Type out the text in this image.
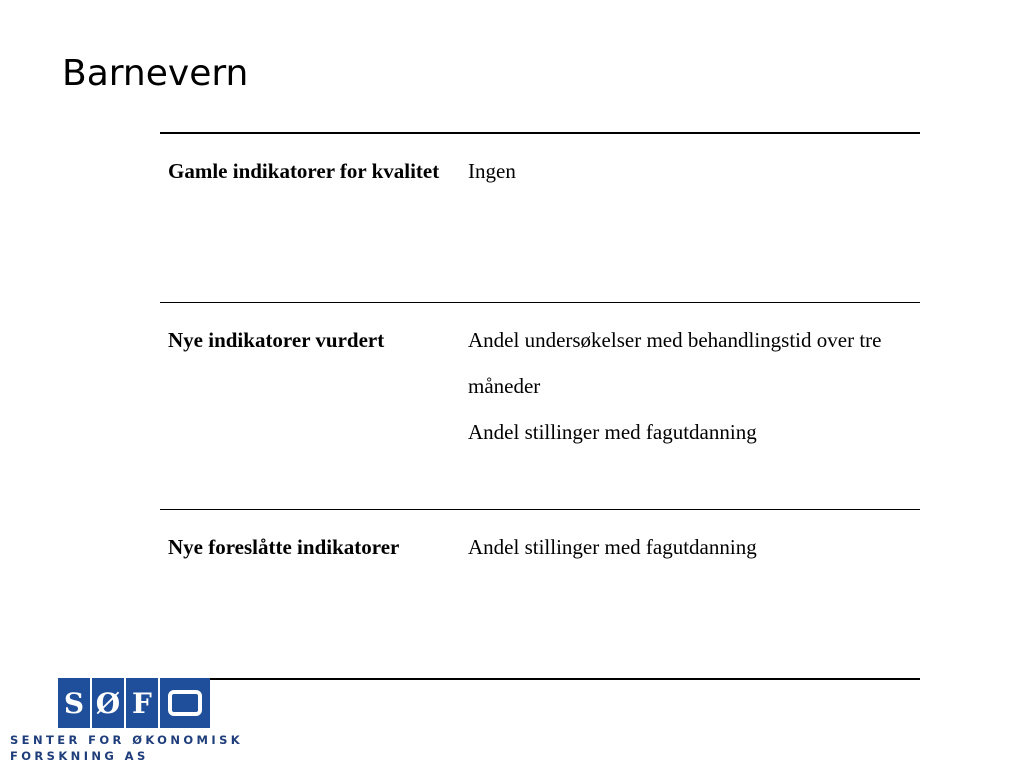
Barnevern
Gamle indikatorer for kvalitet	Ingen
Nye indikatorer vurdert	Andel undersøkelser med behandlingstid over tre måneder
Andel stillinger med fagutdanning
Nye foreslåtte indikatorer	Andel stillinger med fagutdanning
S Ø F
SENTER FOR ØKONOMISK
FORSKNING AS
